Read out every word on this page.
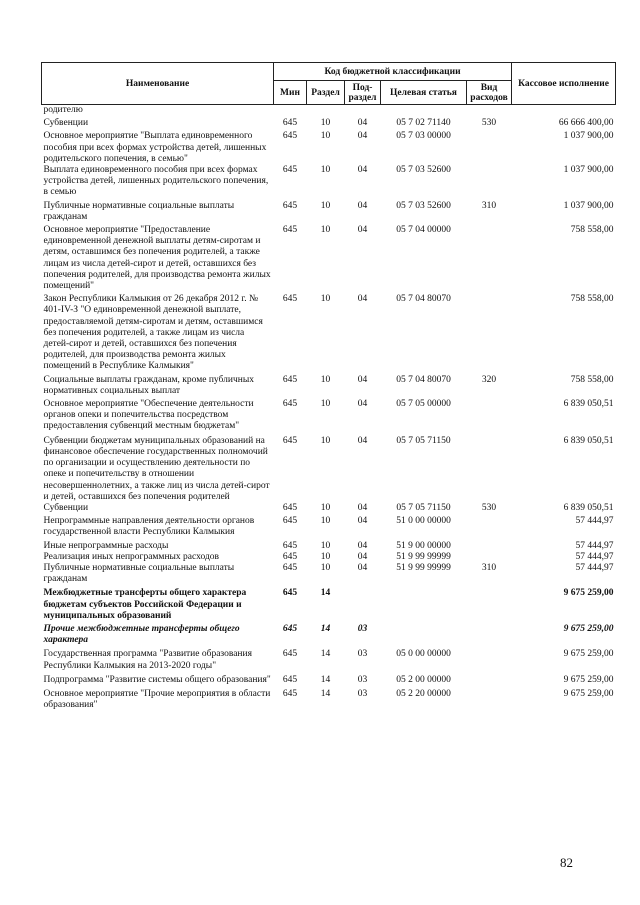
Наименование	Код бюджетной классификации					Кассовое исполнение
	Мин	Раздел	Под-раздел	Целевая статья	Вид расходов	
родителю						
Субвенции	645	10	04	05 7 02 71140	530	66 666 400,00
Основное мероприятие "Выплата единовременного пособия при всех формах устройства детей, лишенных родительского попечения, в семью"	645	10	04	05 7 03 00000		1 037 900,00
Выплата единовременного пособия при всех формах устройства детей, лишенных родительского попечения, в семью	645	10	04	05 7 03 52600		1 037 900,00
Публичные нормативные социальные выплаты гражданам	645	10	04	05 7 03 52600	310	1 037 900,00
Основное мероприятие "Предоставление единовременной денежной выплаты детям-сиротам и детям, оставшимся без попечения родителей, а также лицам из числа детей-сирот и детей, оставшихся без попечения родителей, для производства ремонта жилых помещений"	645	10	04	05 7 04 00000		758 558,00
Закон Республики Калмыкия от 26 декабря 2012 г. № 401-IV-З "О единовременной денежной выплате, предоставляемой детям-сиротам и детям, оставшимся без попечения родителей, а также лицам из числа детей-сирот и детей, оставшихся без попечения родителей, для производства ремонта жилых помещений в Республике Калмыкия"	645	10	04	05 7 04 80070		758 558,00
Социальные выплаты гражданам, кроме публичных нормативных социальных выплат	645	10	04	05 7 04 80070	320	758 558,00
Основное мероприятие "Обеспечение деятельности органов опеки и попечительства посредством предоставления субвенций местным бюджетам"	645	10	04	05 7 05 00000		6 839 050,51
Субвенции бюджетам муниципальных образований на финансовое обеспечение государственных полномочий по организации и осуществлению деятельности по опеке и попечительству в отношении несовершеннолетних, а также лиц из числа детей-сирот и детей, оставшихся без попечения родителей	645	10	04	05 7 05 71150		6 839 050,51
Субвенции	645	10	04	05 7 05 71150	530	6 839 050,51
Непрограммные направления деятельности органов государственной власти Республики Калмыкия	645	10	04	51 0 00 00000		57 444,97
Иные непрограммные расходы	645	10	04	51 9 00 00000		57 444,97
Реализация иных непрограммных расходов	645	10	04	51 9 99 99999		57 444,97
Публичные нормативные социальные выплаты гражданам	645	10	04	51 9 99 99999	310	57 444,97
Межбюджетные трансферты общего характера бюджетам субъектов Российской Федерации и муниципальных образований	645	14				9 675 259,00
Прочие межбюджетные трансферты общего характера	645	14	03			9 675 259,00
Государственная программа "Развитие образования Республики Калмыкия на 2013-2020 годы"	645	14	03	05 0 00 00000		9 675 259,00
Подпрограмма "Развитие системы общего образования"	645	14	03	05 2 00 00000		9 675 259,00
Основное мероприятие "Прочие мероприятия в области образования"	645	14	03	05 2 20 00000		9 675 259,00
82
